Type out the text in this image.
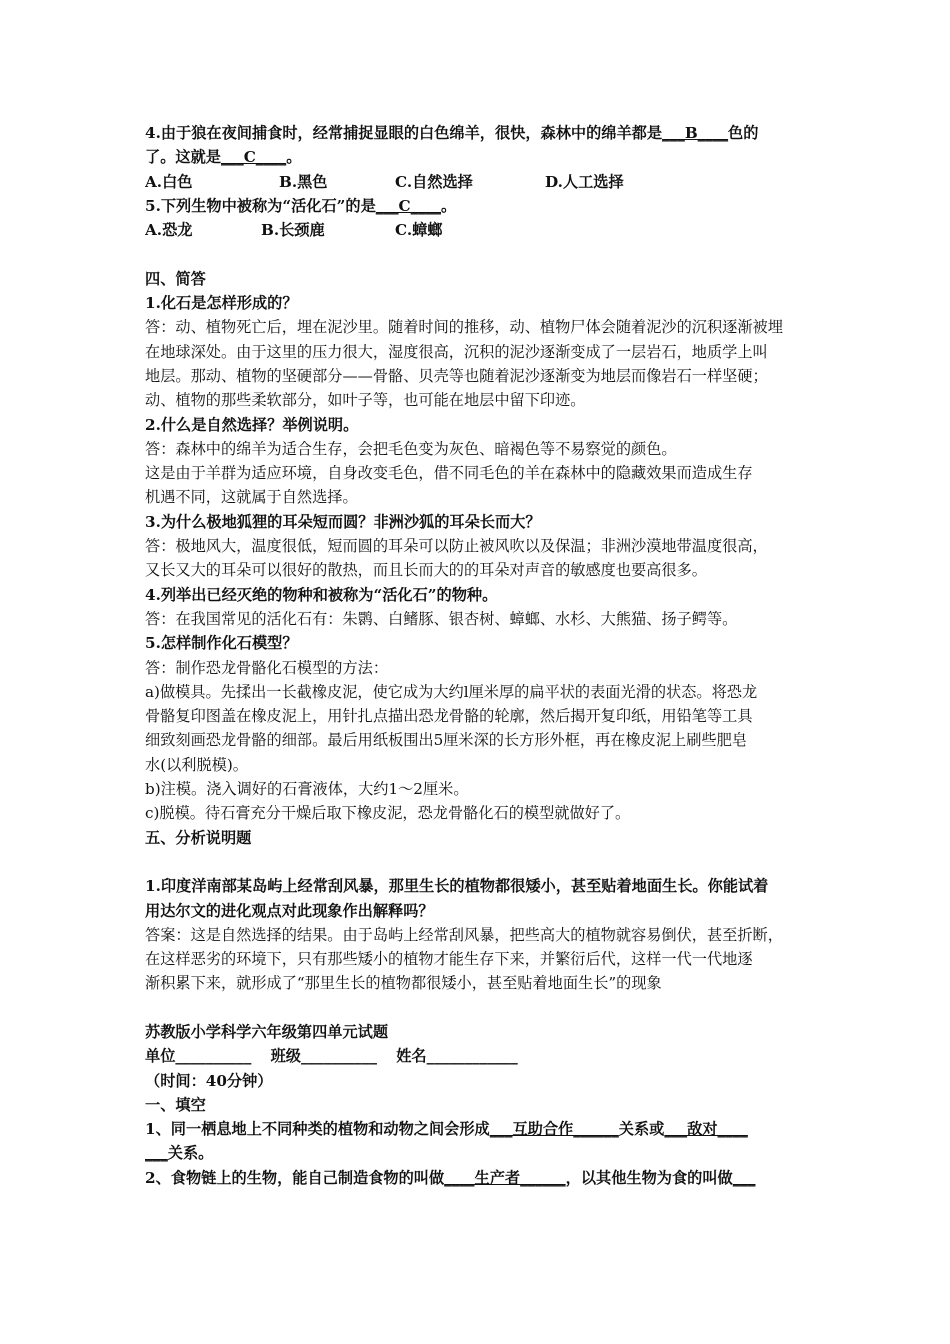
4.由于狼在夜间捕食时，经常捕捉显眼的白色绵羊，很快，森林中的绵羊都是___B____色的
了。这就是___C____。
A.白色	B.黑色	C.自然选择	D.人工选择
5.下列生物中被称为“活化石”的是___C____。
A.恐龙	B.长颈鹿	C.蟑螂
四、简答
1.化石是怎样形成的？
答：动、植物死亡后，埋在泥沙里。随着时间的推移，动、植物尸体会随着泥沙的沉积逐渐被埋
在地球深处。由于这里的压力很大，湿度很高，沉积的泥沙逐渐变成了一层岩石，地质学上叫
地层。那动、植物的坚硬部分——骨骼、贝壳等也随着泥沙逐渐变为地层而像岩石一样坚硬；
动、植物的那些柔软部分，如叶子等，也可能在地层中留下印迹。
2.什么是自然选择？举例说明。
答：森林中的绵羊为适合生存，会把毛色变为灰色、暗褐色等不易察觉的颜色。
这是由于羊群为适应环境，自身改变毛色，借不同毛色的羊在森林中的隐藏效果而造成生存
机遇不同，这就属于自然选择。
3.为什么极地狐狸的耳朵短而圆？非洲沙狐的耳朵长而大？
答：极地风大，温度很低，短而圆的耳朵可以防止被风吹以及保温；非洲沙漠地带温度很高，
又长又大的耳朵可以很好的散热，而且长而大的的耳朵对声音的敏感度也要高很多。
4.列举出已经灭绝的物种和被称为“活化石”的物种。
答：在我国常见的活化石有：朱鹮、白鳍豚、银杏树、蟑螂、水杉、大熊猫、扬子鳄等。
5.怎样制作化石模型？
答：制作恐龙骨骼化石模型的方法：
a)做模具。先揉出一长截橡皮泥，使它成为大约l厘米厚的扁平状的表面光滑的状态。将恐龙
骨骼复印图盖在橡皮泥上，用针扎点描出恐龙骨骼的轮廓，然后揭开复印纸，用铅笔等工具
细致刻画恐龙骨骼的细部。最后用纸板围出5厘米深的长方形外框，再在橡皮泥上刷些肥皂
水(以利脱模)。
b)注模。浇入调好的石膏液体，大约1～2厘米。
c)脱模。待石膏充分干燥后取下橡皮泥，恐龙骨骼化石的模型就做好了。
五、分析说明题
1.印度洋南部某岛屿上经常刮风暴，那里生长的植物都很矮小，甚至贴着地面生长。你能试着
用达尔文的进化观点对此现象作出解释吗？
答案：这是自然选择的结果。由于岛屿上经常刮风暴，把些高大的植物就容易倒伏，甚至折断，
在这样恶劣的环境下，只有那些矮小的植物才能生存下来，并繁衍后代，这样一代一代地逐
渐积累下来，就形成了“那里生长的植物都很矮小，甚至贴着地面生长”的现象
苏教版小学科学六年级第四单元试题
单位__________ 班级__________ 姓名____________
（时间：40分钟）
一、填空
1、同一栖息地上不同种类的植物和动物之间会形成___互助合作______关系或___敌对____
___关系。
2、食物链上的生物，能自己制造食物的叫做____生产者______，以其他生物为食的叫做___
